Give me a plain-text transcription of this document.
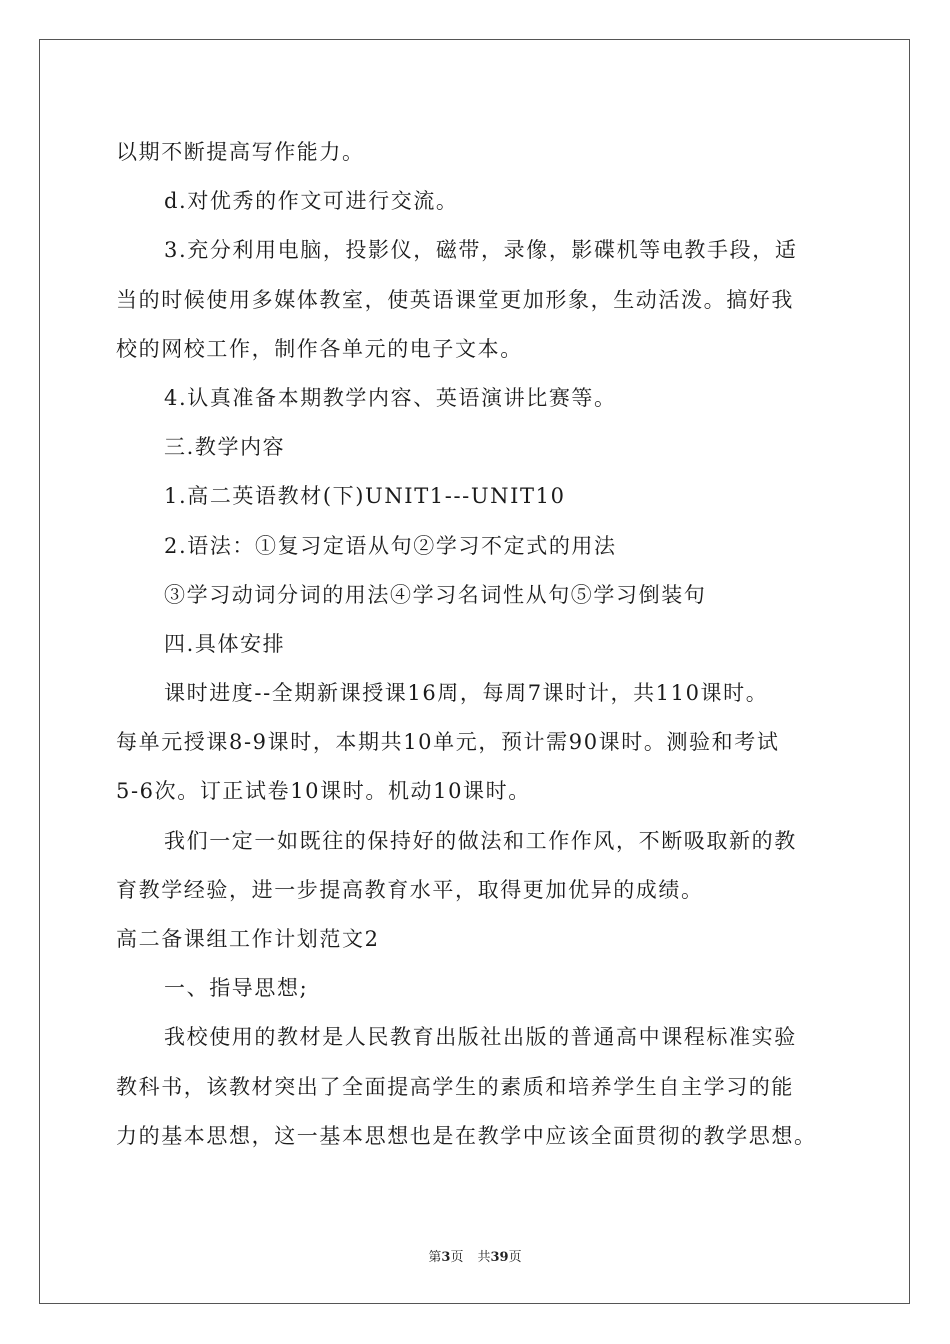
以期不断提高写作能力。
d.对优秀的作文可进行交流。
3.充分利用电脑，投影仪，磁带，录像，影碟机等电教手段，适
当的时候使用多媒体教室，使英语课堂更加形象，生动活泼。搞好我
校的网校工作，制作各单元的电子文本。
4.认真准备本期教学内容、英语演讲比赛等。
三.教学内容
1.高二英语教材(下)UNIT1---UNIT10
2.语法：①复习定语从句②学习不定式的用法
③学习动词分词的用法④学习名词性从句⑤学习倒装句
四.具体安排
课时进度--全期新课授课16周，每周7课时计，共110课时。
每单元授课8-9课时，本期共10单元，预计需90课时。测验和考试
5-6次。订正试卷10课时。机动10课时。
我们一定一如既往的保持好的做法和工作作风，不断吸取新的教
育教学经验，进一步提高教育水平，取得更加优异的成绩。
高二备课组工作计划范文2
一、指导思想;
我校使用的教材是人民教育出版社出版的普通高中课程标准实验
教科书，该教材突出了全面提高学生的素质和培养学生自主学习的能
力的基本思想，这一基本思想也是在教学中应该全面贯彻的教学思想。
第3页 共39页
